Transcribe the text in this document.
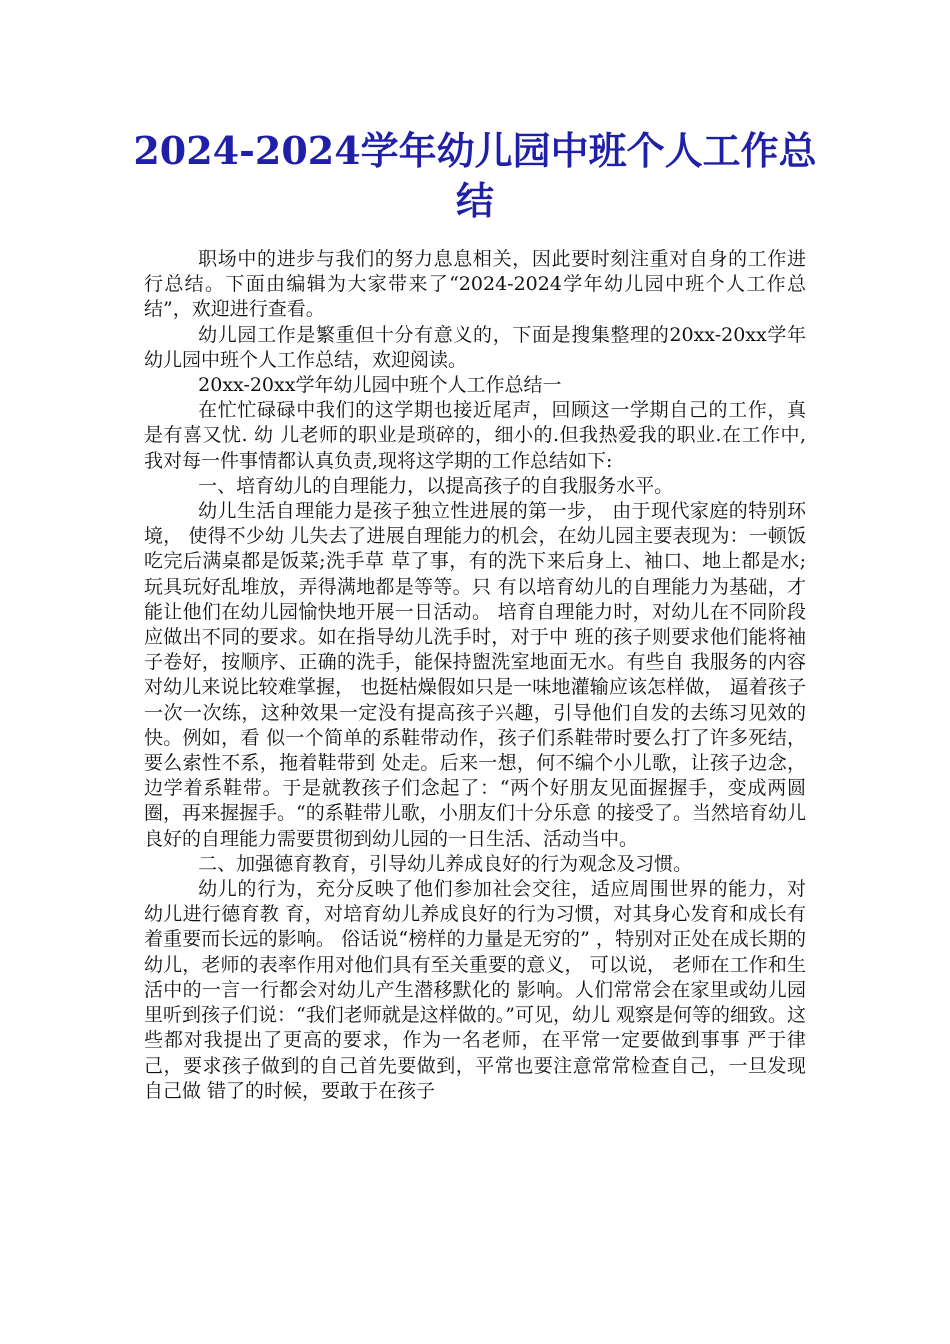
2024-2024学年幼儿园中班个人工作总结

职场中的进步与我们的努力息息相关，因此要时刻注重对自身的工作进行总结。下面由编辑为大家带来了“2024-2024学年幼儿园中班个人工作总结”，欢迎进行查看。

幼儿园工作是繁重但十分有意义的，下面是搜集整理的20xx-20xx学年幼儿园中班个人工作总结，欢迎阅读。

20xx-20xx学年幼儿园中班个人工作总结一

在忙忙碌碌中我们的这学期也接近尾声，回顾这一学期自己的工作，真是有喜又忧. 幼 儿老师的职业是琐碎的，细小的.但我热爱我的职业.在工作中,我对每一件事情都认真负责,现将这学期的工作总结如下:

一、培育幼儿的自理能力，以提高孩子的自我服务水平。

幼儿生活自理能力是孩子独立性进展的第一步， 由于现代家庭的特别环境， 使得不少幼 儿失去了进展自理能力的机会，在幼儿园主要表现为：一顿饭吃完后满桌都是饭菜;洗手草 草了事，有的洗下来后身上、袖口、地上都是水;玩具玩好乱堆放，弄得满地都是等等。只 有以培育幼儿的自理能力为基础，才能让他们在幼儿园愉快地开展一日活动。 培育自理能力时，对幼儿在不同阶段应做出不同的要求。如在指导幼儿洗手时，对于中 班的孩子则要求他们能将袖子卷好，按顺序、正确的洗手，能保持盥洗室地面无水。有些自 我服务的内容对幼儿来说比较难掌握， 也挺枯燥假如只是一味地灌输应该怎样做， 逼着孩子 一次一次练，这种效果一定没有提高孩子兴趣，引导他们自发的去练习见效的快。例如，看 似一个简单的系鞋带动作，孩子们系鞋带时要么打了许多死结，要么索性不系，拖着鞋带到 处走。后来一想，何不编个小儿歌，让孩子边念，边学着系鞋带。于是就教孩子们念起了：“两个好朋友见面握握手，变成两圆圈，再来握握手。“的系鞋带儿歌，小朋友们十分乐意 的接受了。当然培育幼儿良好的自理能力需要贯彻到幼儿园的一日生活、活动当中。

二、加强德育教育，引导幼儿养成良好的行为观念及习惯。

幼儿的行为，充分反映了他们参加社会交往，适应周围世界的能力，对幼儿进行德育教 育，对培育幼儿养成良好的行为习惯，对其身心发育和成长有着重要而长远的影响。 俗话说“榜样的力量是无穷的” ，特别对正处在成长期的幼儿，老师的表率作用对他们具有至关重要的意义， 可以说， 老师在工作和生活中的一言一行都会对幼儿产生潜移默化的 影响。人们常常会在家里或幼儿园里听到孩子们说：“我们老师就是这样做的。”可见，幼儿 观察是何等的细致。这些都对我提出了更高的要求，作为一名老师，在平常一定要做到事事 严于律己，要求孩子做到的自己首先要做到，平常也要注意常常检查自己，一旦发现自己做 错了的时候，要敢于在孩子
